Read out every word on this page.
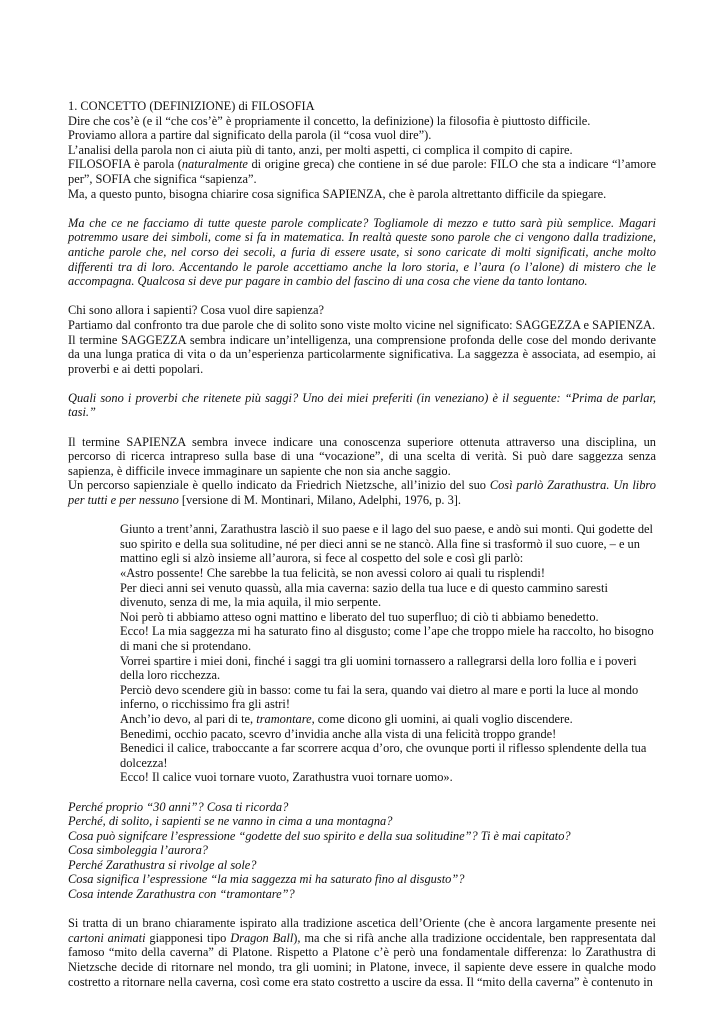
1. CONCETTO (DEFINIZIONE) di FILOSOFIA

Dire che cos’è (e il “che cos’è” è propriamente il concetto, la definizione) la filosofia è piuttosto difficile.

Proviamo allora a partire dal significato della parola (il “cosa vuol dire”).

L’analisi della parola non ci aiuta più di tanto, anzi, per molti aspetti, ci complica il compito di capire.

FILOSOFIA è parola (naturalmente di origine greca) che contiene in sé due parole: FILO che sta a indicare “l’amore per”, SOFIA che significa “sapienza”.

Ma, a questo punto, bisogna chiarire cosa significa SAPIENZA, che è parola altrettanto difficile da spiegare.

Ma che ce ne facciamo di tutte queste parole complicate? Togliamole di mezzo e tutto sarà più semplice. Magari potremmo usare dei simboli, come si fa in matematica. In realtà queste sono parole che ci vengono dalla tradizione, antiche parole che, nel corso dei secoli, a furia di essere usate, si sono caricate di molti significati, anche molto differenti tra di loro. Accentando le parole accettiamo anche la loro storia, e l’aura (o l’alone) di mistero che le accompagna. Qualcosa si deve pur pagare in cambio del fascino di una cosa che viene da tanto lontano.

Chi sono allora i sapienti? Cosa vuol dire sapienza?

Partiamo dal confronto tra due parole che di solito sono viste molto vicine nel significato: SAGGEZZA e SAPIENZA.

Il termine SAGGEZZA sembra indicare un’intelligenza, una comprensione profonda delle cose del mondo derivante da una lunga pratica di vita o da un’esperienza particolarmente significativa. La saggezza è associata, ad esempio, ai proverbi e ai detti popolari.

Quali sono i proverbi che ritenete più saggi? Uno dei miei preferiti (in veneziano) è il seguente: “Prima de parlar, tasi.”

Il termine SAPIENZA sembra invece indicare una conoscenza superiore ottenuta attraverso una disciplina, un percorso di ricerca intrapreso sulla base di una “vocazione”, di una scelta di verità. Si può dare saggezza senza sapienza, è difficile invece immaginare un sapiente che non sia anche saggio.

Un percorso sapienziale è quello indicato da Friedrich Nietzsche, all’inizio del suo Così parlò Zarathustra. Un libro per tutti e per nessuno [versione di M. Montinari, Milano, Adelphi, 1976, p. 3].

Giunto a trent’anni, Zarathustra lasciò il suo paese e il lago del suo paese, e andò sui monti. Qui godette del suo spirito e della sua solitudine, né per dieci anni se ne stancò. Alla fine si trasformò il suo cuore, – e un mattino egli si alzò insieme all’aurora, si fece al cospetto del sole e così gli parlò:

«Astro possente! Che sarebbe la tua felicità, se non avessi coloro ai quali tu risplendi!

Per dieci anni sei venuto quassù, alla mia caverna: sazio della tua luce e di questo cammino saresti divenuto, senza di me, la mia aquila, il mio serpente.

Noi però ti abbiamo atteso ogni mattino e liberato del tuo superfluo; di ciò ti abbiamo benedetto.

Ecco! La mia saggezza mi ha saturato fino al disgusto; come l’ape che troppo miele ha raccolto, ho bisogno di mani che si protendano.

Vorrei spartire i miei doni, finché i saggi tra gli uomini tornassero a rallegrarsi della loro follia e i poveri della loro ricchezza.

Perciò devo scendere giù in basso: come tu fai la sera, quando vai dietro al mare e porti la luce al mondo inferno, o ricchissimo fra gli astri!

Anch’io devo, al pari di te, tramontare, come dicono gli uomini, ai quali voglio discendere.

Benedimi, occhio pacato, scevro d’invidia anche alla vista di una felicità troppo grande!

Benedici il calice, traboccante a far scorrere acqua d’oro, che ovunque porti il riflesso splendente della tua dolcezza!

Ecco! Il calice vuoi tornare vuoto, Zarathustra vuoi tornare uomo».

Perché proprio “30 anni”? Cosa ti ricorda?

Perché, di solito, i sapienti se ne vanno in cima a una montagna?

Cosa può signifcare l’espressione “godette del suo spirito e della sua solitudine”? Ti è mai capitato?

Cosa simboleggia l’aurora?

Perché Zarathustra si rivolge al sole?

Cosa significa l’espressione “la mia saggezza mi ha saturato fino al disgusto”?

Cosa intende Zarathustra con “tramontare”?

Si tratta di un brano chiaramente ispirato alla tradizione ascetica dell’Oriente (che è ancora largamente presente nei cartoni animati giapponesi tipo Dragon Ball), ma che si rifà anche alla tradizione occidentale, ben rappresentata dal famoso “mito della caverna” di Platone. Rispetto a Platone c’è però una fondamentale differenza: lo Zarathustra di Nietzsche decide di ritornare nel mondo, tra gli uomini; in Platone, invece, il sapiente deve essere in qualche modo costretto a ritornare nella caverna, così come era stato costretto a uscire da essa. Il “mito della caverna” è contenuto in
